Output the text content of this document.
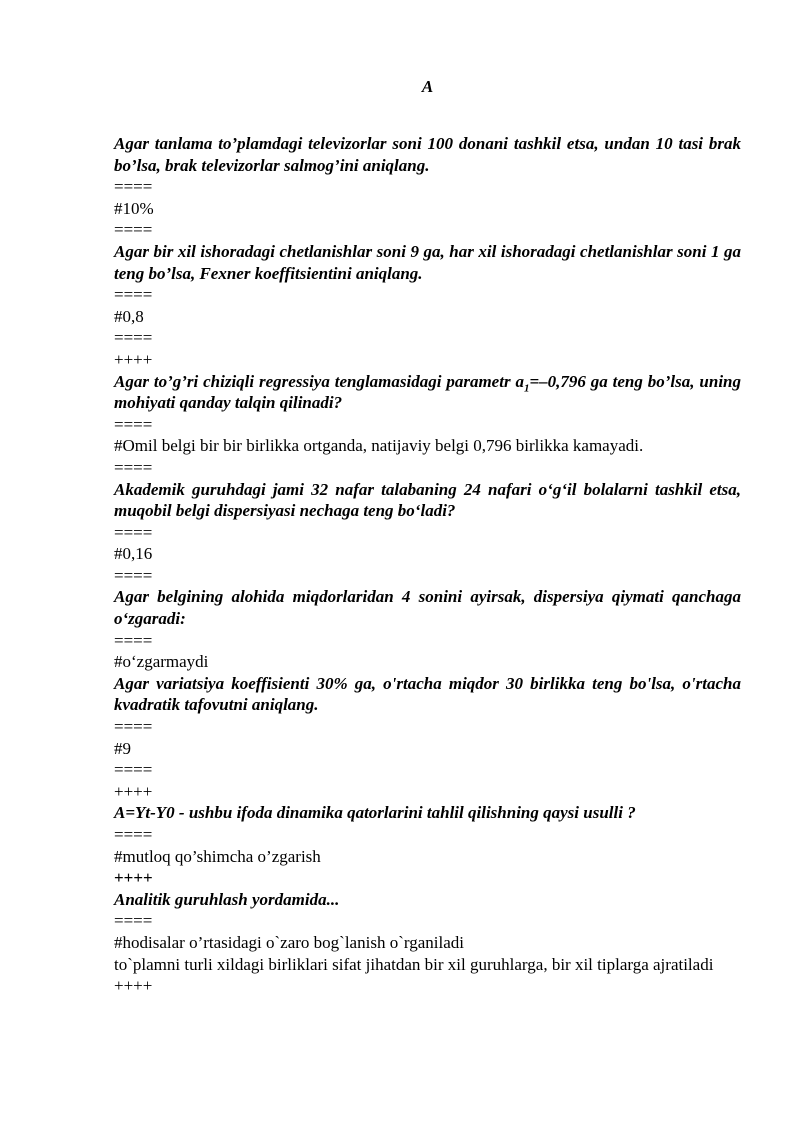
A
Agar tanlama to’plamdagi televizorlar soni 100 donani tashkil etsa, undan 10 tasi brak bo’lsa, brak televizorlar salmog’ini aniqlang.
====
#10%
====
Agar bir xil ishoradagi chetlanishlar soni 9 ga, har xil ishoradagi chetlanishlar soni 1 ga teng bo’lsa, Fexner koeffitsientini aniqlang.
====
#0,8
====
++++
Agar to’g’ri chiziqli regressiya tenglamasidagi parametr $a_1=-0,796$ ga teng bo’lsa, uning mohiyati qanday talqin qilinadi?
====
#Omil belgi bir bir birlikka ortganda, natijaviy belgi 0,796 birlikka kamayadi.
====
Akademik guruhdagi jami 32 nafar talabaning 24 nafari o‘g‘il bolalarni tashkil etsa, muqobil belgi dispersiyasi nechaga teng bo‘ladi?
====
#0,16
====
Agar belgining alohida miqdorlaridan 4 sonini ayirsak, dispersiya qiymati qanchaga o‘zgaradi:
====
#o‘zgarmaydi
Agar variatsiya koeffisienti 30% ga, o'rtacha miqdor 30 birlikka teng bo'lsa, o'rtacha kvadratik tafovutni aniqlang.
====
#9
====
++++
A=Yt-Y0 - ushbu ifoda dinamika qatorlarini tahlil qilishning qaysi usulli ?
====
#mutloq qo’shimcha o’zgarish
++++
Analitik guruhlash yordamida...
====
#hodisalar o’rtasidagi o`zaro bog`lanish o`rganiladi
to`plamni turli xildagi birliklari sifat jihatdan bir xil guruhlarga, bir xil tiplarga ajratiladi
++++
